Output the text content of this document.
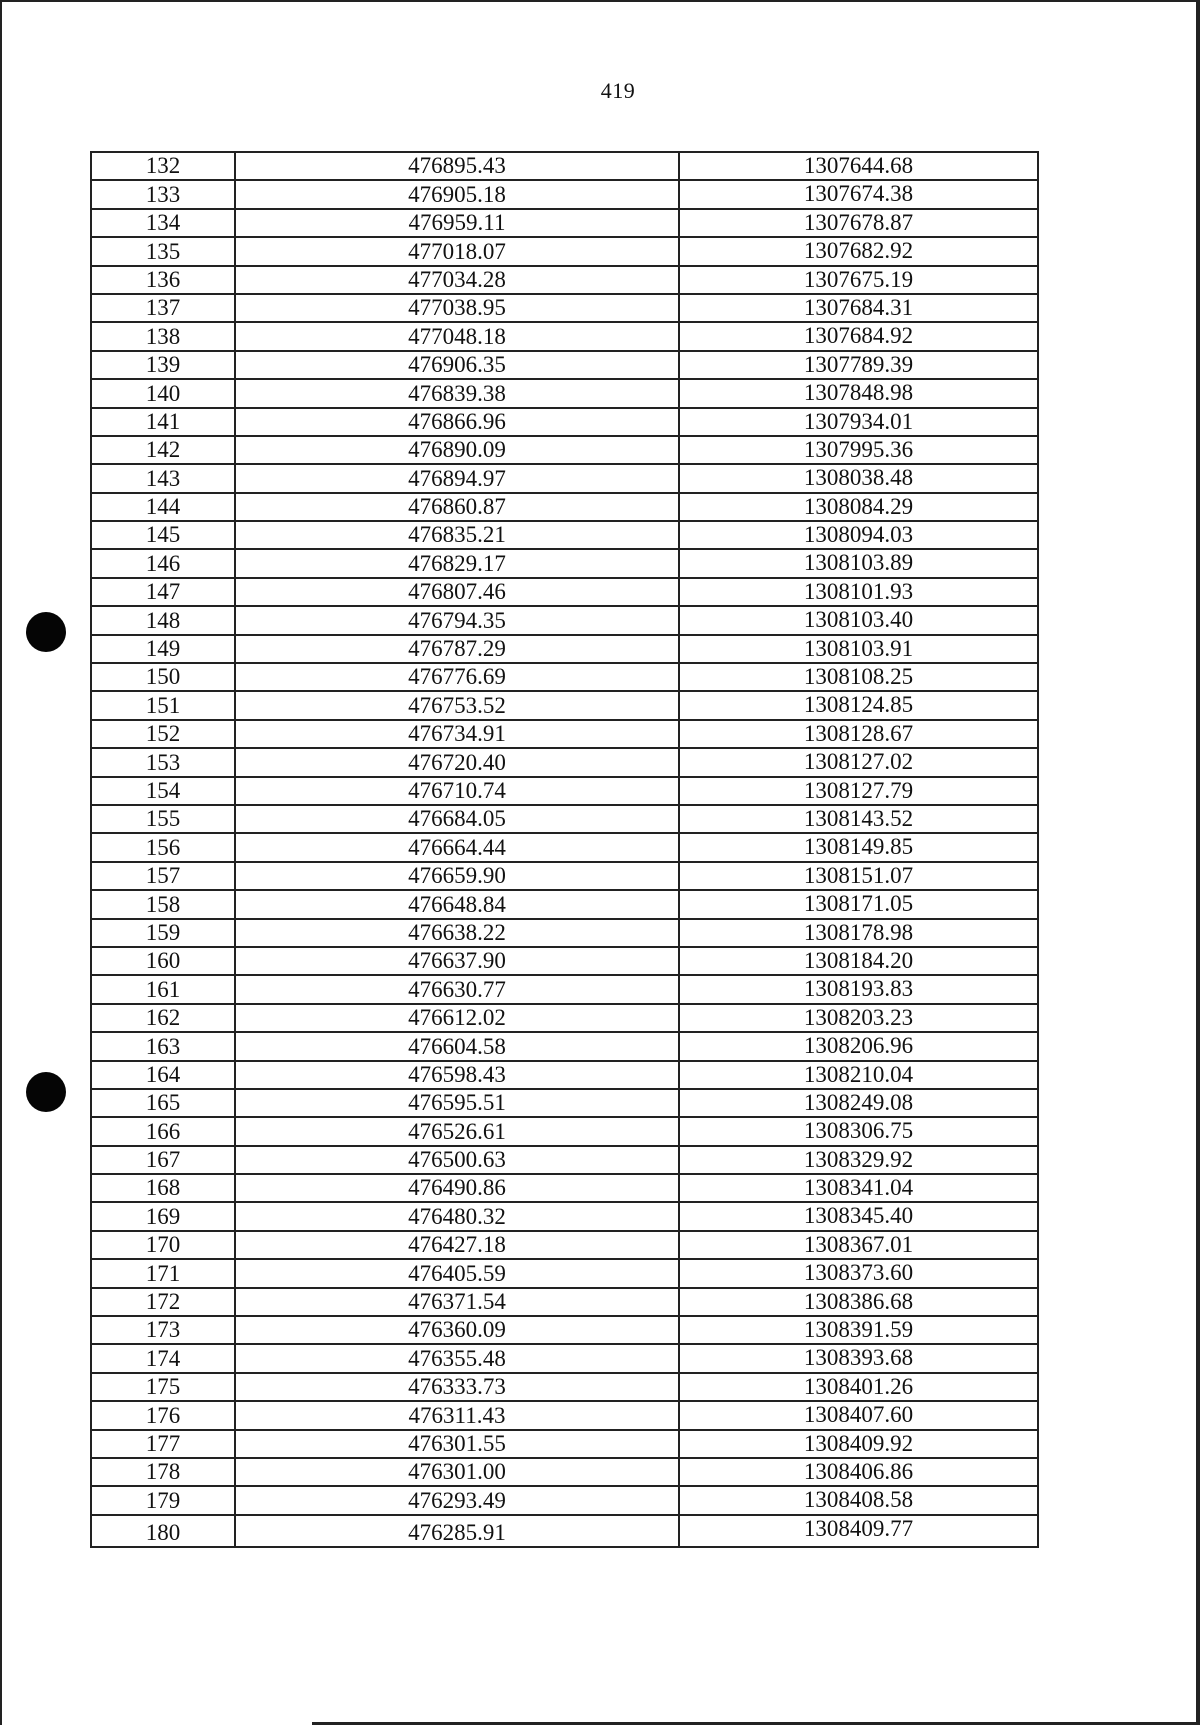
419
132	476895.43	1307644.68
133	476905.18	1307674.38
134	476959.11	1307678.87
135	477018.07	1307682.92
136	477034.28	1307675.19
137	477038.95	1307684.31
138	477048.18	1307684.92
139	476906.35	1307789.39
140	476839.38	1307848.98
141	476866.96	1307934.01
142	476890.09	1307995.36
143	476894.97	1308038.48
144	476860.87	1308084.29
145	476835.21	1308094.03
146	476829.17	1308103.89
147	476807.46	1308101.93
148	476794.35	1308103.40
149	476787.29	1308103.91
150	476776.69	1308108.25
151	476753.52	1308124.85
152	476734.91	1308128.67
153	476720.40	1308127.02
154	476710.74	1308127.79
155	476684.05	1308143.52
156	476664.44	1308149.85
157	476659.90	1308151.07
158	476648.84	1308171.05
159	476638.22	1308178.98
160	476637.90	1308184.20
161	476630.77	1308193.83
162	476612.02	1308203.23
163	476604.58	1308206.96
164	476598.43	1308210.04
165	476595.51	1308249.08
166	476526.61	1308306.75
167	476500.63	1308329.92
168	476490.86	1308341.04
169	476480.32	1308345.40
170	476427.18	1308367.01
171	476405.59	1308373.60
172	476371.54	1308386.68
173	476360.09	1308391.59
174	476355.48	1308393.68
175	476333.73	1308401.26
176	476311.43	1308407.60
177	476301.55	1308409.92
178	476301.00	1308406.86
179	476293.49	1308408.58
180	476285.91	1308409.77
